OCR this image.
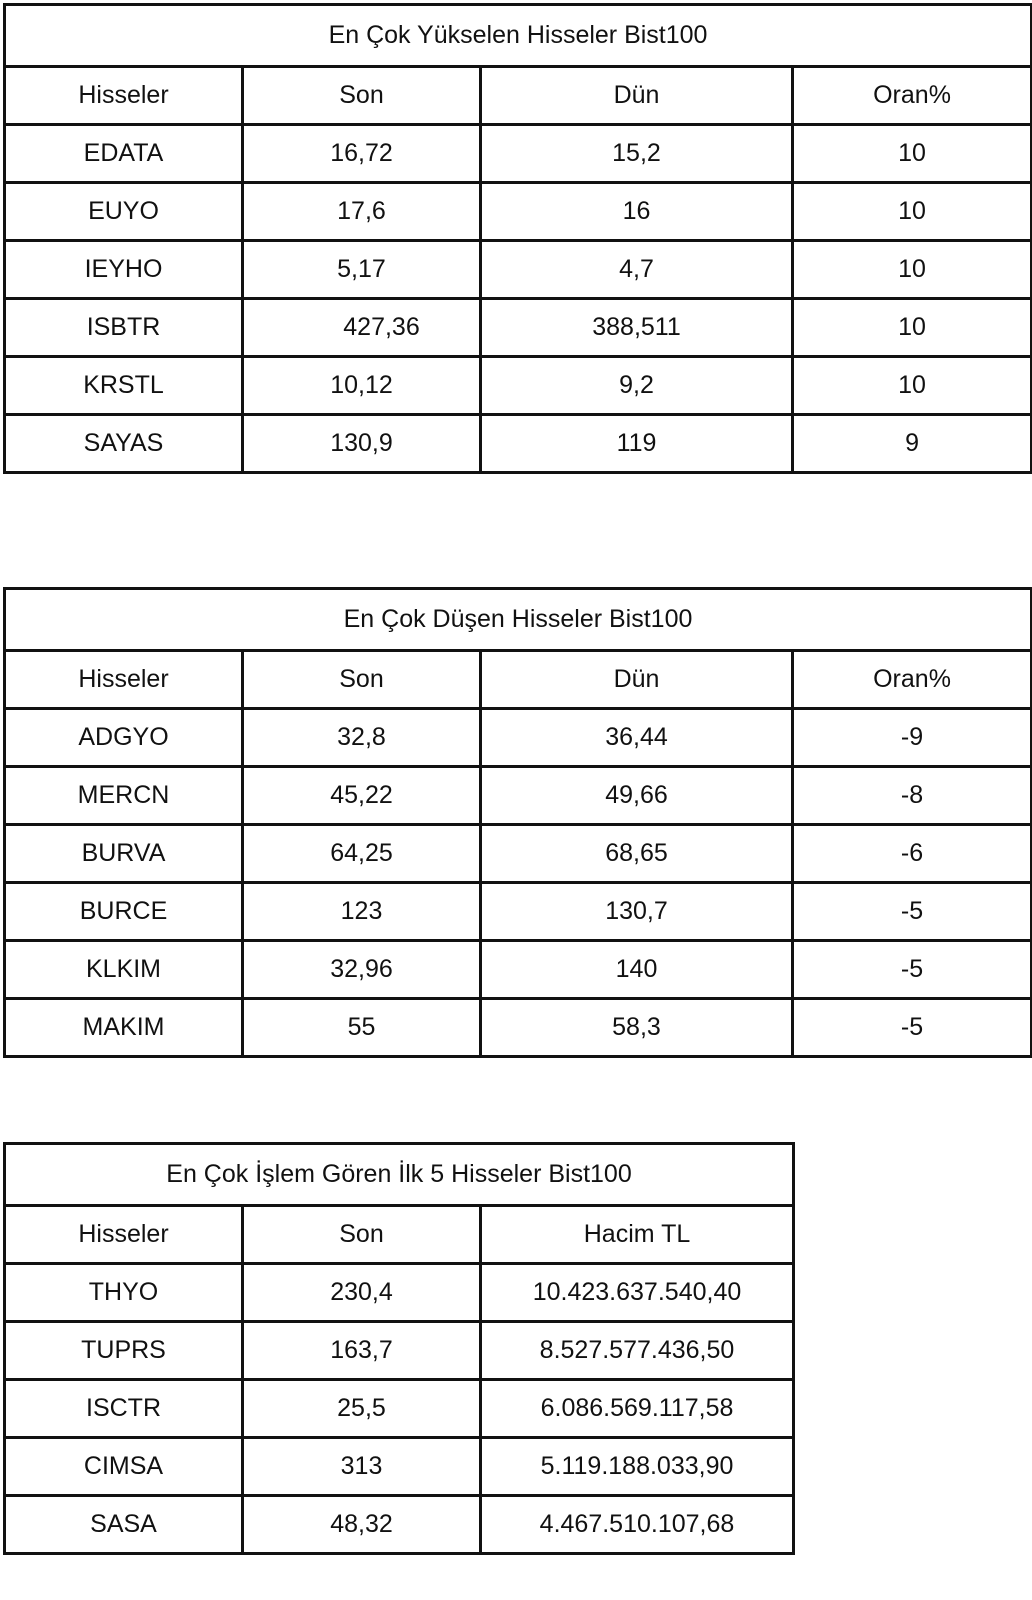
En Çok Yükselen Hisseler Bist100			
Hisseler	Son	Dün	Oran%
EDATA	16,72	15,2	10
EUYO	17,6	16	10
IEYHO	5,17	4,7	10
ISBTR	427,36	388,511	10
KRSTL	10,12	9,2	10
SAYAS	130,9	119	9
En Çok Düşen Hisseler Bist100			
Hisseler	Son	Dün	Oran%
ADGYO	32,8	36,44	-9
MERCN	45,22	49,66	-8
BURVA	64,25	68,65	-6
BURCE	123	130,7	-5
KLKIM	32,96	140	-5
MAKIM	55	58,3	-5
En Çok İşlem Gören İlk 5 Hisseler Bist100		
Hisseler	Son	Hacim TL
THYO	230,4	10.423.637.540,40
TUPRS	163,7	8.527.577.436,50
ISCTR	25,5	6.086.569.117,58
CIMSA	313	5.119.188.033,90
SASA	48,32	4.467.510.107,68
